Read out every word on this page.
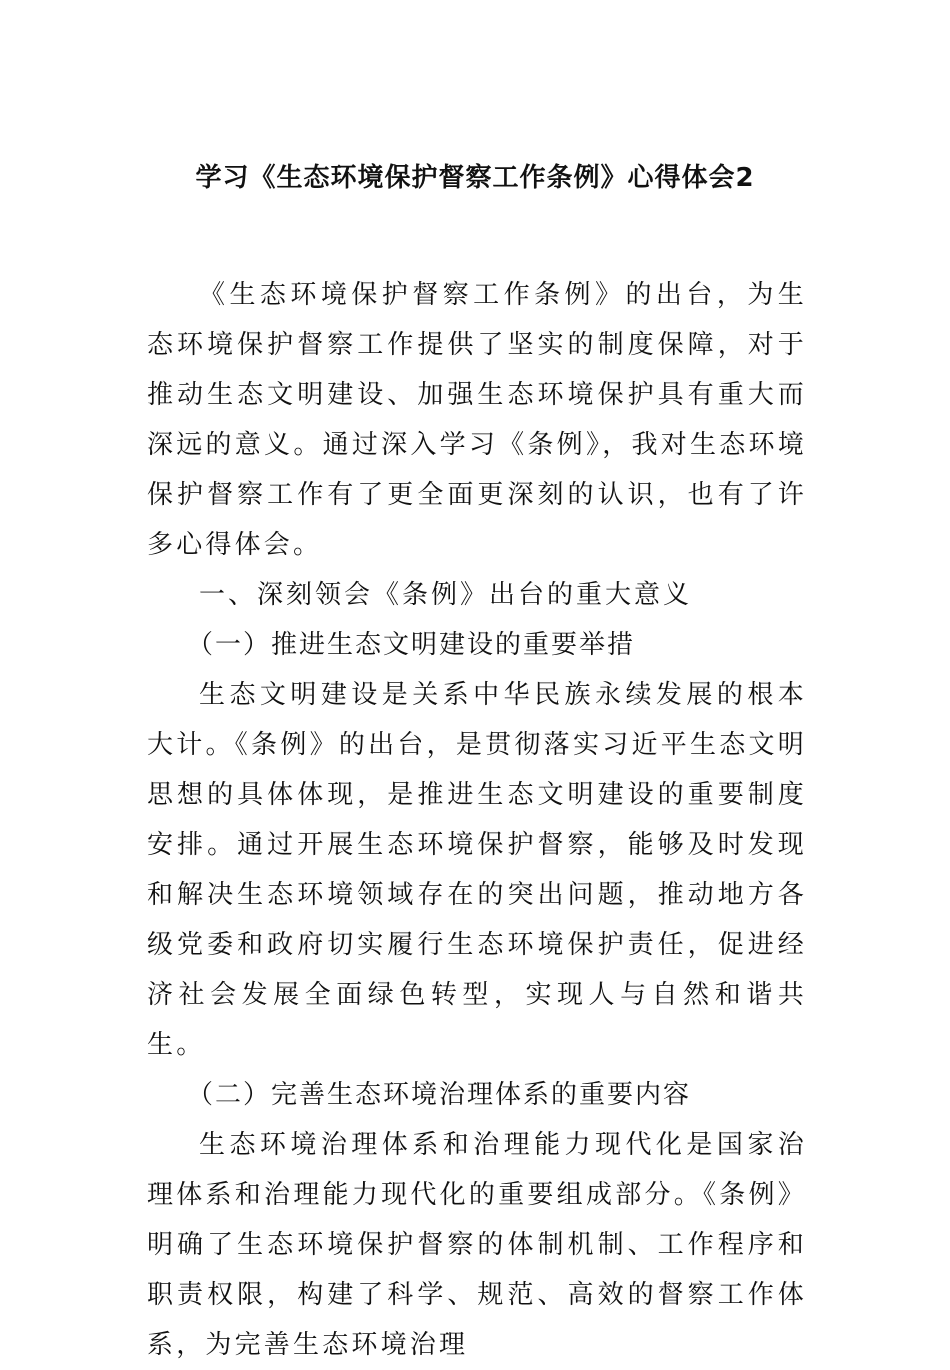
学习《生态环境保护督察工作条例》心得体会2

《生态环境保护督察工作条例》的出台，为生态环境保护督察工作提供了坚实的制度保障，对于推动生态文明建设、加强生态环境保护具有重大而深远的意义。通过深入学习《条例》，我对生态环境保护督察工作有了更全面更深刻的认识，也有了许多心得体会。

一、深刻领会《条例》出台的重大意义

（一）推进生态文明建设的重要举措

生态文明建设是关系中华民族永续发展的根本大计。《条例》的出台，是贯彻落实习近平生态文明思想的具体体现，是推进生态文明建设的重要制度安排。通过开展生态环境保护督察，能够及时发现和解决生态环境领域存在的突出问题，推动地方各级党委和政府切实履行生态环境保护责任，促进经济社会发展全面绿色转型，实现人与自然和谐共生。

（二）完善生态环境治理体系的重要内容

生态环境治理体系和治理能力现代化是国家治理体系和治理能力现代化的重要组成部分。《条例》明确了生态环境保护督察的体制机制、工作程序和职责权限，构建了科学、规范、高效的督察工作体系，为完善生态环境治理
